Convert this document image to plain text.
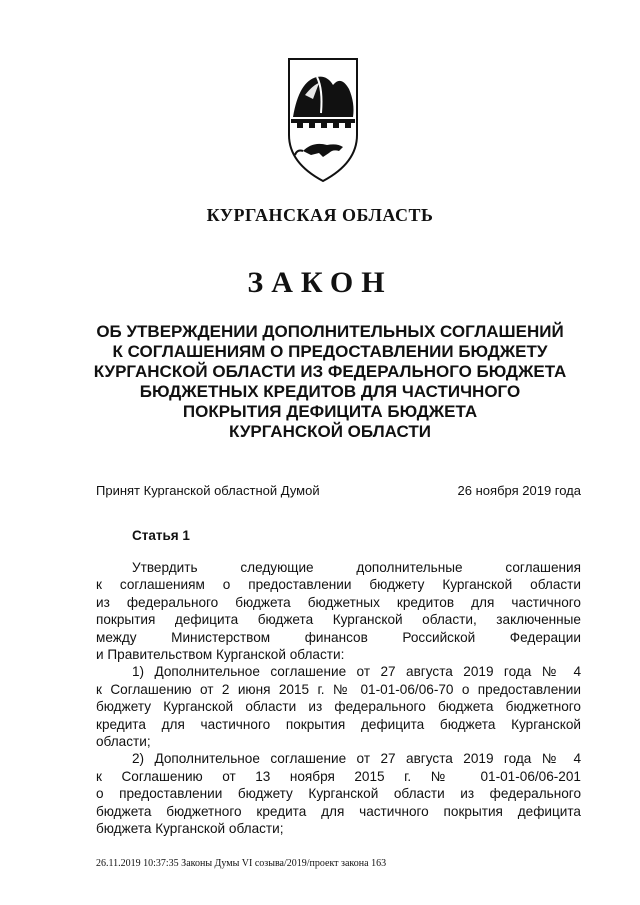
КУРГАНСКАЯ ОБЛАСТЬ
ЗАКОН
ОБ УТВЕРЖДЕНИИ ДОПОЛНИТЕЛЬНЫХ СОГЛАШЕНИЙ
К СОГЛАШЕНИЯМ О ПРЕДОСТАВЛЕНИИ БЮДЖЕТУ
КУРГАНСКОЙ ОБЛАСТИ ИЗ ФЕДЕРАЛЬНОГО БЮДЖЕТА
БЮДЖЕТНЫХ КРЕДИТОВ ДЛЯ ЧАСТИЧНОГО
ПОКРЫТИЯ ДЕФИЦИТА БЮДЖЕТА
КУРГАНСКОЙ ОБЛАСТИ
Принят Курганской областной Думой	26 ноября 2019 года
Статья 1
Утвердить следующие дополнительные соглашения
к соглашениям о предоставлении бюджету Курганской области
из федерального бюджета бюджетных кредитов для частичного
покрытия дефицита бюджета Курганской области, заключенные
между Министерством финансов Российской Федерации
и Правительством Курганской области:
1) Дополнительное соглашение от 27 августа 2019 года № 4
к Соглашению от 2 июня 2015 г. № 01-01-06/06-70 о предоставлении
бюджету Курганской области из федерального бюджета бюджетного
кредита для частичного покрытия дефицита бюджета Курганской
области;
2) Дополнительное соглашение от 27 августа 2019 года № 4
к Соглашению от 13 ноября 2015 г. № 01-01-06/06-201
о предоставлении бюджету Курганской области из федерального
бюджета бюджетного кредита для частичного покрытия дефицита
бюджета Курганской области;
26.11.2019 10:37:35 Законы Думы VI созыва/2019/проект закона 163
